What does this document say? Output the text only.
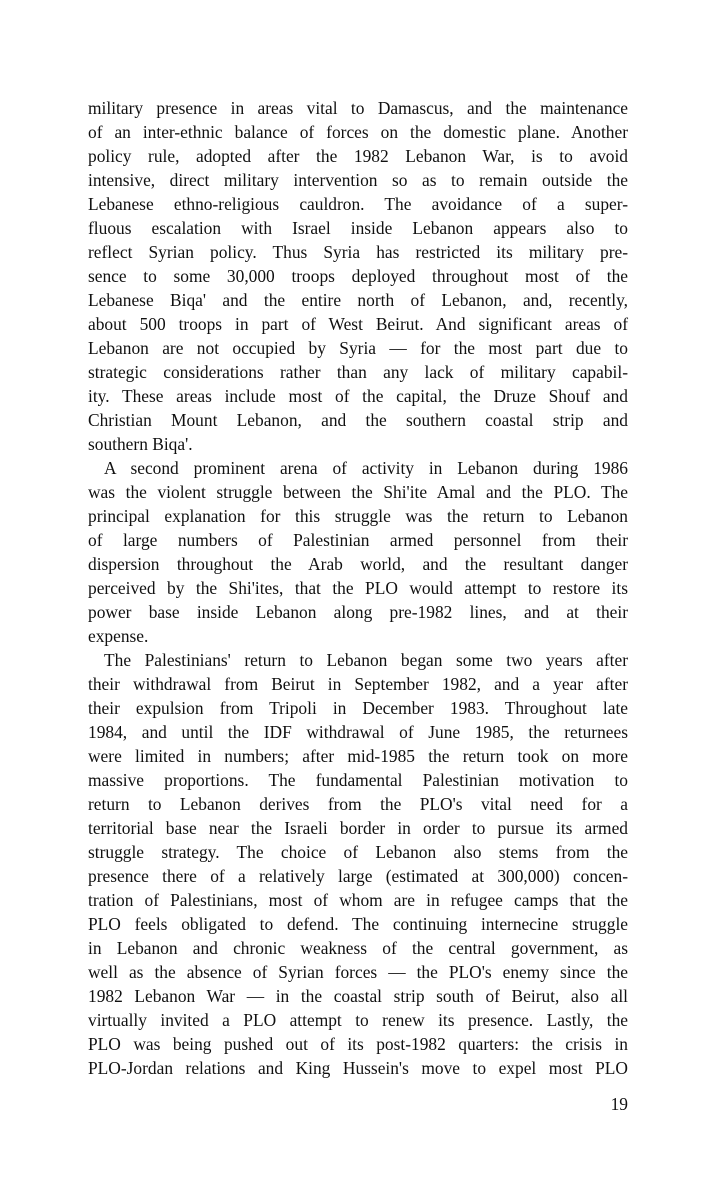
military presence in areas vital to Damascus, and the maintenance
of an inter-ethnic balance of forces on the domestic plane. Another
policy rule, adopted after the 1982 Lebanon War, is to avoid
intensive, direct military intervention so as to remain outside the
Lebanese ethno-religious cauldron. The avoidance of a super-
fluous escalation with Israel inside Lebanon appears also to
reflect Syrian policy. Thus Syria has restricted its military pre-
sence to some 30,000 troops deployed throughout most of the
Lebanese Biqa' and the entire north of Lebanon, and, recently,
about 500 troops in part of West Beirut. And significant areas of
Lebanon are not occupied by Syria — for the most part due to
strategic considerations rather than any lack of military capabil-
ity. These areas include most of the capital, the Druze Shouf and
Christian Mount Lebanon, and the southern coastal strip and
southern Biqa'.
A second prominent arena of activity in Lebanon during 1986
was the violent struggle between the Shi'ite Amal and the PLO. The
principal explanation for this struggle was the return to Lebanon
of large numbers of Palestinian armed personnel from their
dispersion throughout the Arab world, and the resultant danger
perceived by the Shi'ites, that the PLO would attempt to restore its
power base inside Lebanon along pre-1982 lines, and at their
expense.
The Palestinians' return to Lebanon began some two years after
their withdrawal from Beirut in September 1982, and a year after
their expulsion from Tripoli in December 1983. Throughout late
1984, and until the IDF withdrawal of June 1985, the returnees
were limited in numbers; after mid-1985 the return took on more
massive proportions. The fundamental Palestinian motivation to
return to Lebanon derives from the PLO's vital need for a
territorial base near the Israeli border in order to pursue its armed
struggle strategy. The choice of Lebanon also stems from the
presence there of a relatively large (estimated at 300,000) concen-
tration of Palestinians, most of whom are in refugee camps that the
PLO feels obligated to defend. The continuing internecine struggle
in Lebanon and chronic weakness of the central government, as
well as the absence of Syrian forces — the PLO's enemy since the
1982 Lebanon War — in the coastal strip south of Beirut, also all
virtually invited a PLO attempt to renew its presence. Lastly, the
PLO was being pushed out of its post-1982 quarters: the crisis in
PLO-Jordan relations and King Hussein's move to expel most PLO
19
